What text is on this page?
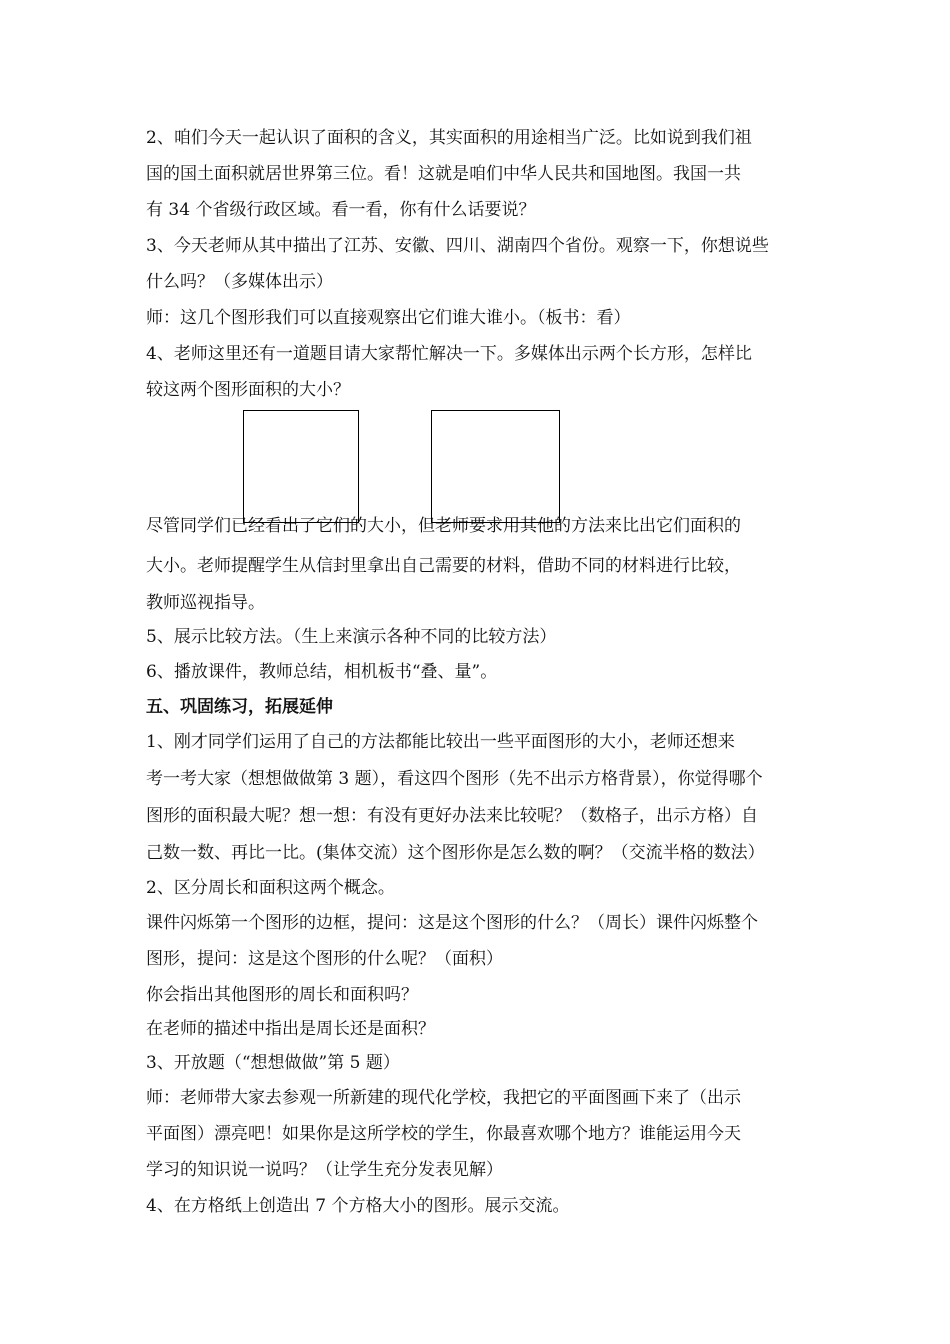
2、咱们今天一起认识了面积的含义，其实面积的用途相当广泛。比如说到我们祖
国的国土面积就居世界第三位。看！这就是咱们中华人民共和国地图。我国一共
有 34 个省级行政区域。看一看，你有什么话要说？
3、今天老师从其中描出了江苏、安徽、四川、湖南四个省份。观察一下，你想说些
什么吗？（多媒体出示）
师：这几个图形我们可以直接观察出它们谁大谁小。（板书：看）
4、老师这里还有一道题目请大家帮忙解决一下。多媒体出示两个长方形，怎样比
较这两个图形面积的大小？
尽管同学们已经看出了它们的大小，但老师要求用其他的方法来比出它们面积的
大小。老师提醒学生从信封里拿出自己需要的材料，借助不同的材料进行比较，
教师巡视指导。
5、展示比较方法。（生上来演示各种不同的比较方法）
6、播放课件，教师总结，相机板书“叠、量”。
五、巩固练习，拓展延伸
1、刚才同学们运用了自己的方法都能比较出一些平面图形的大小，老师还想来
考一考大家（想想做做第 3 题），看这四个图形（先不出示方格背景），你觉得哪个
图形的面积最大呢？想一想：有没有更好办法来比较呢？（数格子，出示方格）自
己数一数、再比一比。(集体交流）这个图形你是怎么数的啊？（交流半格的数法）
2、区分周长和面积这两个概念。
课件闪烁第一个图形的边框，提问：这是这个图形的什么？（周长）课件闪烁整个
图形，提问：这是这个图形的什么呢？（面积）
你会指出其他图形的周长和面积吗？
在老师的描述中指出是周长还是面积？
3、开放题（“想想做做”第 5 题）
师：老师带大家去参观一所新建的现代化学校，我把它的平面图画下来了（出示
平面图）漂亮吧！如果你是这所学校的学生，你最喜欢哪个地方？谁能运用今天
学习的知识说一说吗？（让学生充分发表见解）
4、在方格纸上创造出 7 个方格大小的图形。展示交流。
